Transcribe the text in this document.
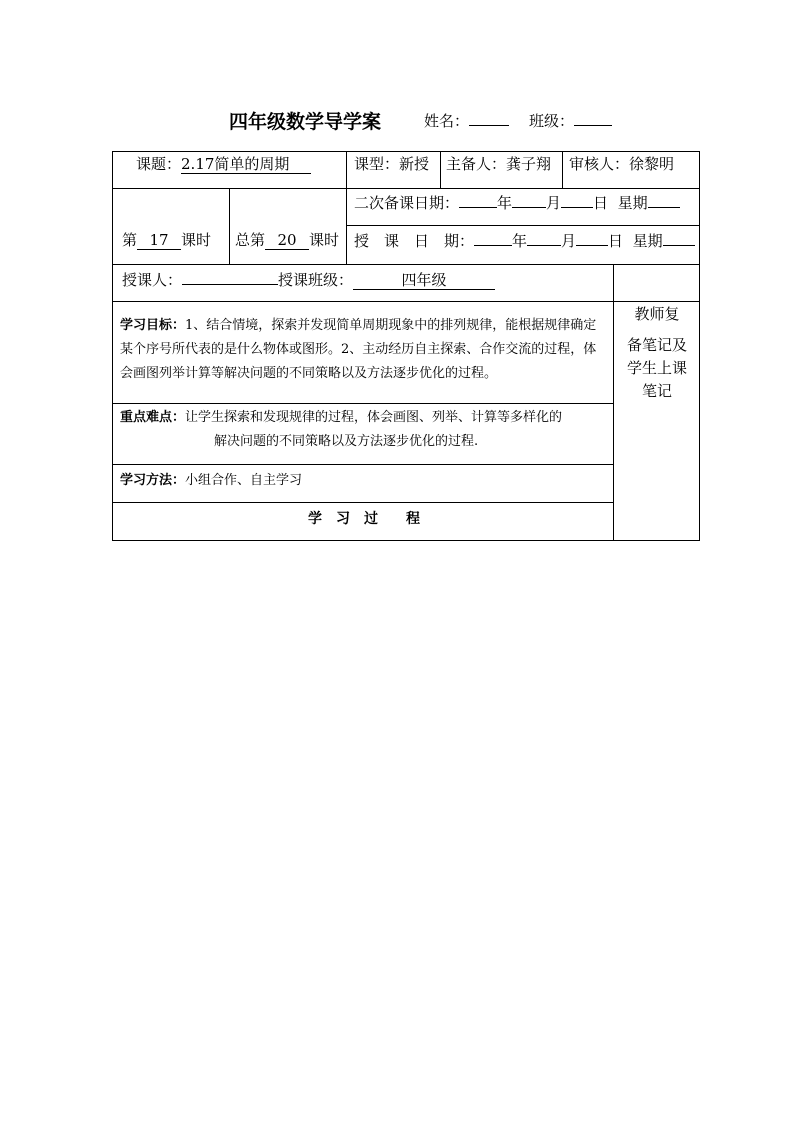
四年级数学导学案	姓名：	班级：
课题：2.17简单的周期	课型：新授 主备人：龚子翔 审核人：徐黎明
第 17 课时 总第 20 课时
二次备课日期：	年 月 日 星期
授　课　日　期：	年 月 日 星期
授课人：	授课班级：	四年级
学习目标：1、结合情境，探索并发现简单周期现象中的排列规律，能根据规律确定某个序号所代表的是什么物体或图形。2、主动经历自主探索、合作交流的过程，体会画图列举计算等解决问题的不同策略以及方法逐步优化的过程。
重点难点：让学生探索和发现规律的过程，体会画图、列举、计算等多样化的
解决问题的不同策略以及方法逐步优化的过程.
学习方法：小组合作、自主学习
学　习　过　　程
教师复
备笔记及
学生上课
笔记
